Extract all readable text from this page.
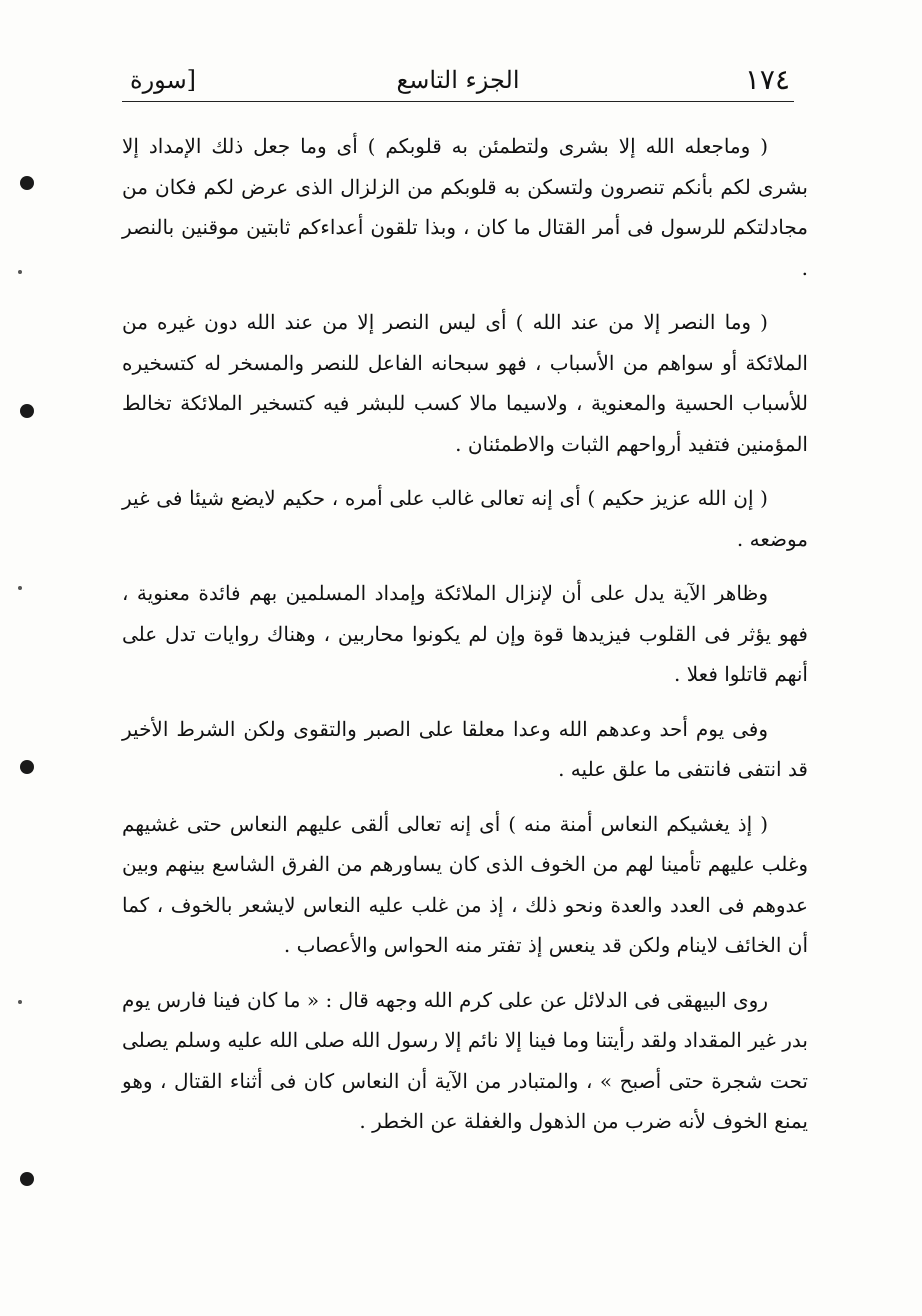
١٧٤
الجزء التاسع
[سورة

( وماجعله الله إلا بشرى ولتطمئن به قلوبكم ) أى وما جعل ذلك الإمداد إلا بشرى لكم بأنكم تنصرون ولتسكن به قلوبكم من الزلزال الذى عرض لكم فكان من مجادلتكم للرسول فى أمر القتال ما كان ، وبذا تلقون أعداءكم ثابتين موقنين بالنصر .

( وما النصر إلا من عند الله ) أى ليس النصر إلا من عند الله دون غيره من الملائكة أو سواهم من الأسباب ، فهو سبحانه الفاعل للنصر والمسخر له كتسخيره للأسباب الحسية والمعنوية ، ولاسيما مالا كسب للبشر فيه كتسخير الملائكة تخالط المؤمنين فتفيد أرواحهم الثبات والاطمئنان .

( إن الله عزيز حكيم ) أى إنه تعالى غالب على أمره ، حكيم لايضع شيئا فى غير موضعه .

وظاهر الآية يدل على أن لإنزال الملائكة وإمداد المسلمين بهم فائدة معنوية ، فهو يؤثر فى القلوب فيزيدها قوة وإن لم يكونوا محاربين ، وهناك روايات تدل على أنهم قاتلوا فعلا .

وفى يوم أحد وعدهم الله وعدا معلقا على الصبر والتقوى ولكن الشرط الأخير قد انتفى فانتفى ما علق عليه .

( إذ يغشيكم النعاس أمنة منه ) أى إنه تعالى ألقى عليهم النعاس حتى غشيهم وغلب عليهم تأمينا لهم من الخوف الذى كان يساورهم من الفرق الشاسع بينهم وبين عدوهم فى العدد والعدة ونحو ذلك ، إذ من غلب عليه النعاس لايشعر بالخوف ، كما أن الخائف لاينام ولكن قد ينعس إذ تفتر منه الحواس والأعصاب .

روى البيهقى فى الدلائل عن على كرم الله وجهه قال : « ما كان فينا فارس يوم بدر غير المقداد ولقد رأيتنا وما فينا إلا نائم إلا رسول الله صلى الله عليه وسلم يصلى تحت شجرة حتى أصبح » ، والمتبادر من الآية أن النعاس كان فى أثناء القتال ، وهو يمنع الخوف لأنه ضرب من الذهول والغفلة عن الخطر .
